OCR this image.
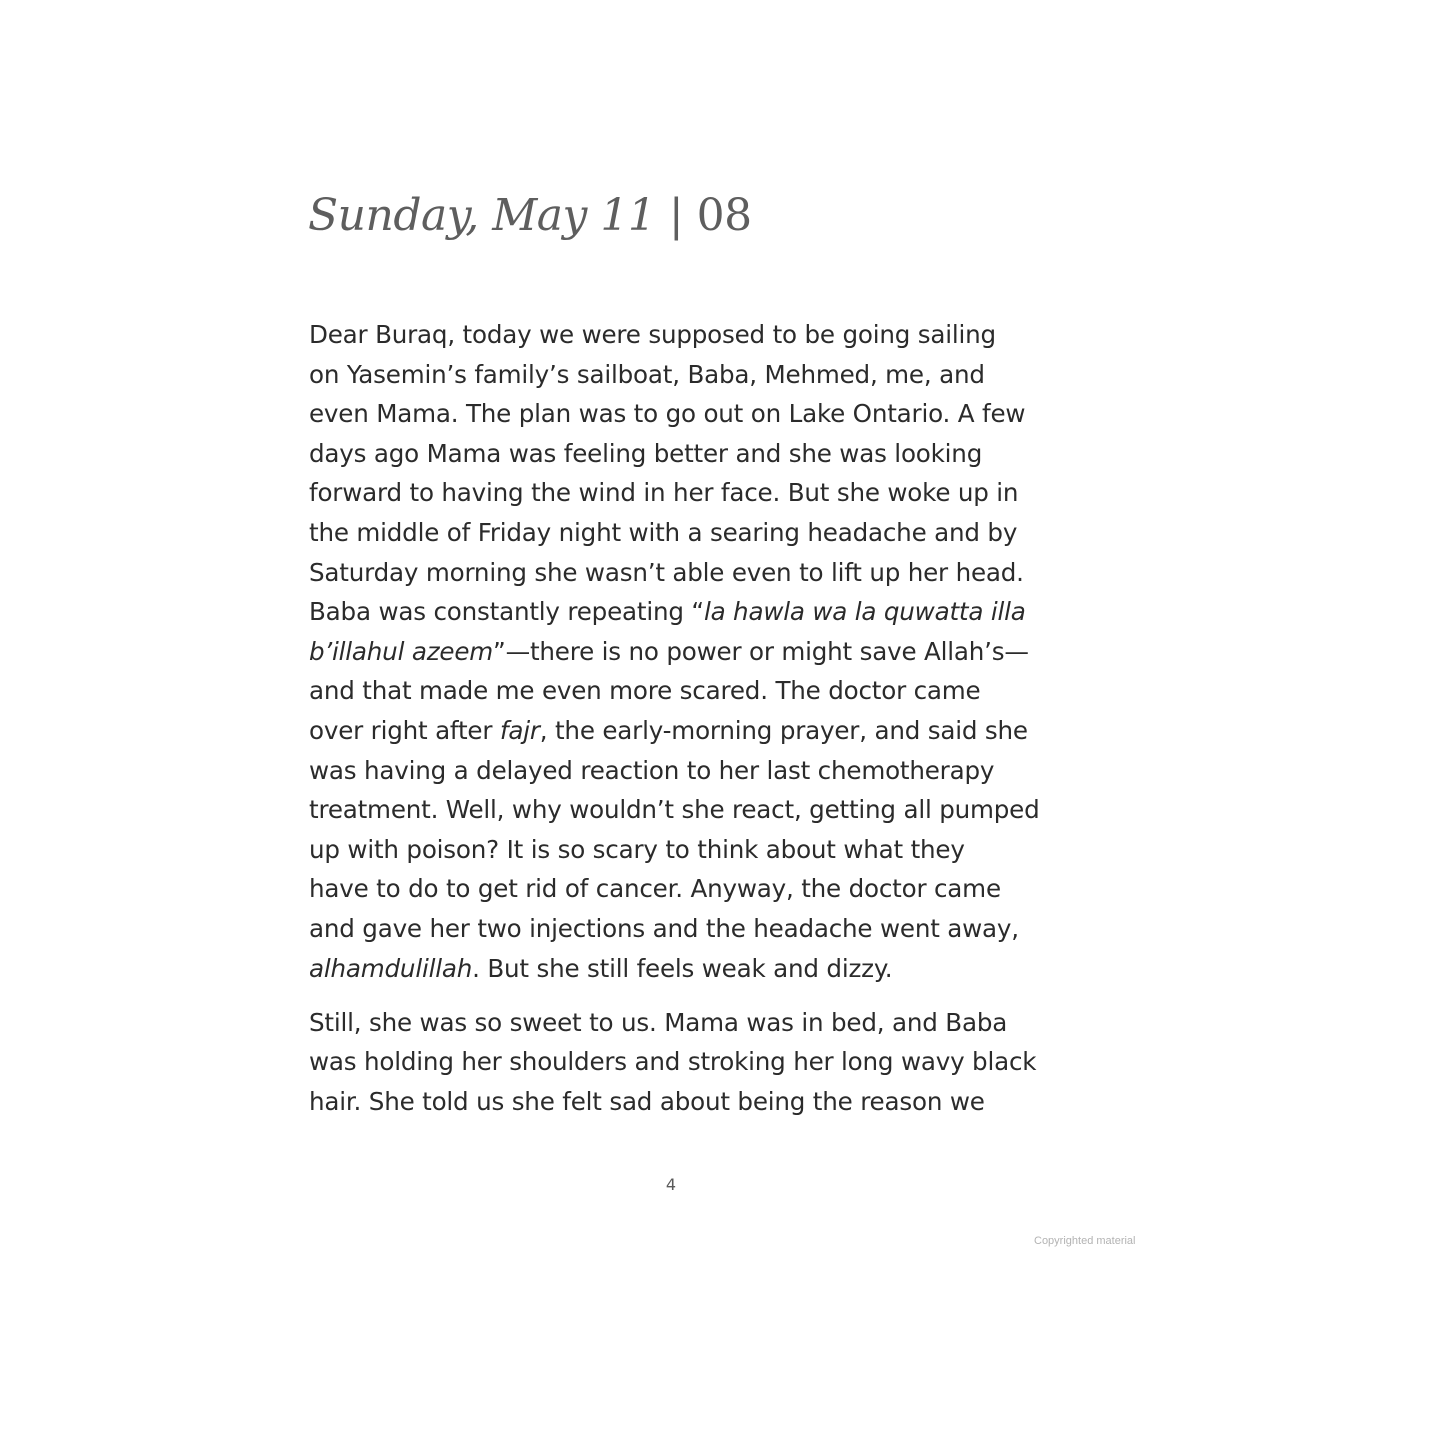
Sunday, May 11 | 08

Dear Buraq, today we were supposed to be going sailing
on Yasemin’s family’s sailboat, Baba, Mehmed, me, and
even Mama. The plan was to go out on Lake Ontario. A few
days ago Mama was feeling better and she was looking
forward to having the wind in her face. But she woke up in
the middle of Friday night with a searing headache and by
Saturday morning she wasn’t able even to lift up her head.
Baba was constantly repeating “la hawla wa la quwatta illa
b’illahul azeem”—there is no power or might save Allah’s—
and that made me even more scared. The doctor came
over right after fajr, the early-morning prayer, and said she
was having a delayed reaction to her last chemotherapy
treatment. Well, why wouldn’t she react, getting all pumped
up with poison? It is so scary to think about what they
have to do to get rid of cancer. Anyway, the doctor came
and gave her two injections and the headache went away,
alhamdulillah. But she still feels weak and dizzy.

Still, she was so sweet to us. Mama was in bed, and Baba
was holding her shoulders and stroking her long wavy black
hair. She told us she felt sad about being the reason we

4
Copyrighted material
